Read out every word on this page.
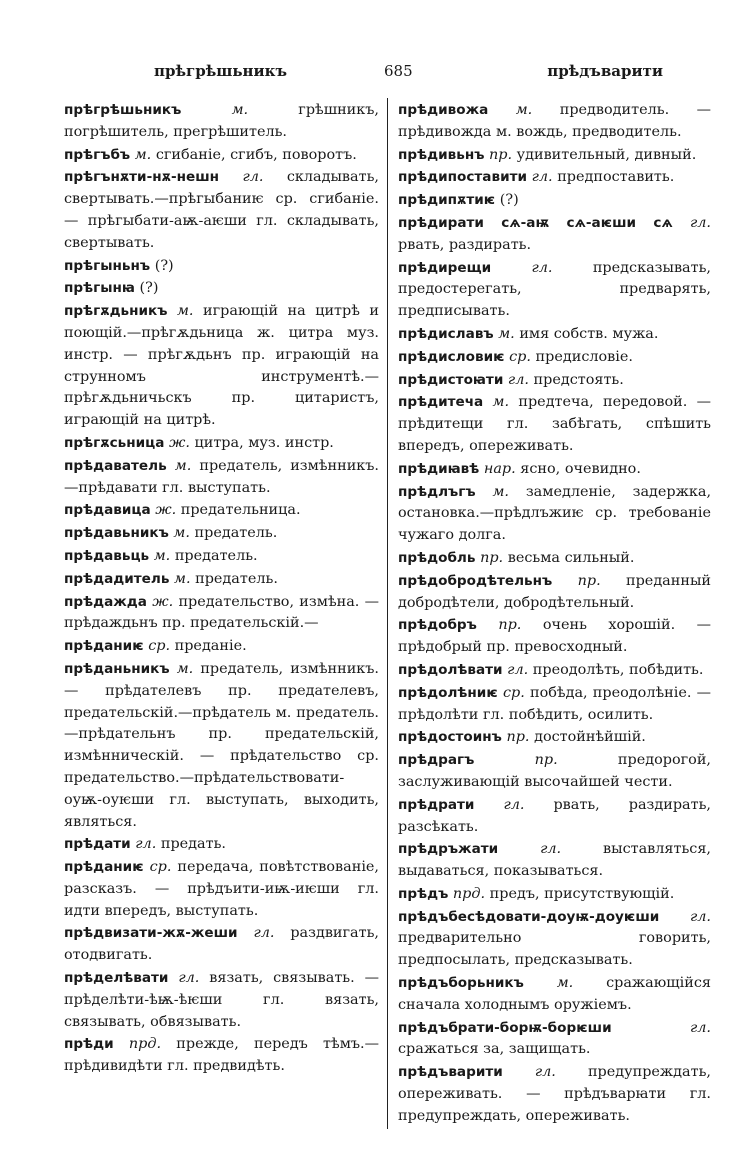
прѣгрѣшьникъ	685	прѣдъварити
прѣгрѣшьникъ	м.	грѣшникъ, погрѣшитель, прегрѣшитель.
прѣгъбъ м. сгибаніе, сгибъ, поворотъ.
прѣгънѫти-нѫ-нешн гл. складывать, свертывать.—прѣгыбаниѥ ср. сгибаніе. — прѣгыбати-аѭ-аѥши гл. складывать, свертывать.
прѣгыньнъ (?)
прѣгынꙗ (?)
прѣгѫдьникъ м. играющій на цитрѣ и поющій.—прѣгѫдьница ж. цитра муз. инстр. — прѣгѫдьнъ пр. играющій на струнномъ инструментѣ.—прѣгѫдьничьскъ пр. цитаристъ, играющій на цитрѣ.
прѣгѫсьница ж. цитра, муз. инстр.
прѣдаватель м. предатель, измѣнникъ.—прѣдавати гл. выступать.
прѣдавица ж. предательница.
прѣдавьникъ м. предатель.
прѣдавьць м. предатель.
прѣдадитель м. предатель.
прѣдажда ж. предательство, измѣна. —прѣдаждьнъ пр. предательскій.—
прѣданиѥ ср. преданіе.
прѣданьникъ м. предатель, измѣнникъ. — прѣдателевъ пр. предателевъ, предательскій.—прѣдатель м. предатель.—прѣдательнъ пр. предательскій, измѣнническій. — прѣдательство ср. предательство.—прѣдательствовати-оуѭ-оуѥши гл. выступать, выходить, являться.
прѣдати гл. предать.
прѣданиѥ ср. передача, повѣтствованіе, разсказъ. — прѣдъити-иѭ-иѥши гл. идти впередъ, выступать.
прѣдвизати-жѫ-жеши гл. раздвигать, отодвигать.
прѣделѣвати гл. вязать, связывать. —прѣделѣти-ѣѭ-ѣѥши гл. вязать, связывать, обвязывать.
прѣди прд. прежде, передъ тѣмъ.— прѣдивидѣти гл. предвидѣть.
прѣдивожа м. предводитель. — прѣдивожда м. вождь, предводитель.
прѣдивьнъ пр. удивительный, дивный.
прѣдипоставити гл. предпоставить.
прѣдипѫтиѥ (?)
прѣдирати сѧ-аѭ сѧ-аѥши сѧ гл. рвать, раздирать.
прѣдирещи	гл.	предсказывать, предостерегать, предварять, предписывать.
прѣдиславъ м. имя собств. мужа.
прѣдисловиѥ ср. предисловіе.
прѣдистоꙗти гл. предстоять.
прѣдитеча м. предтеча, передовой. — прѣдитещи гл. забѣгать, спѣшить впередъ, опереживать.
прѣдиꙗвѣ нар. ясно, очевидно.
прѣдлъгъ м. замедленіе, задержка, остановка.—прѣдлъжиѥ ср. требованіе чужаго долга.
прѣдобль пр. весьма сильный.
прѣдобродѣтельнъ пр. преданный добродѣтели, добродѣтельный.
прѣдобръ пр. очень хорошій. — прѣдобрый пр. превосходный.
прѣдолѣвати гл. преодолѣть, побѣдить.
прѣдолѣниѥ ср. побѣда, преодолѣніе. —прѣдолѣти гл. побѣдить, осилить.
прѣдостоинъ пр. достойнѣйшій.
прѣдрагъ	пр.	предорогой, заслуживающій высочайшей чести.
прѣдрати гл. рвать, раздирать, разсѣкать.
прѣдръжати	гл.	выставляться, выдаваться, показываться.
прѣдъ прд. предъ, присутствующій.
прѣдъбесѣдовати-доуѭ-доуѥши гл. предварительно говорить, предпосылать, предсказывать.
прѣдъборьникъ м. сражающійся сначала холоднымъ оружіемъ.
прѣдъбрати-борѭ-борѥши	гл. сражаться за, защищать.
прѣдъварити гл. предупреждать, опереживать. — прѣдъварꙗти гл. предупреждать, опереживать.
